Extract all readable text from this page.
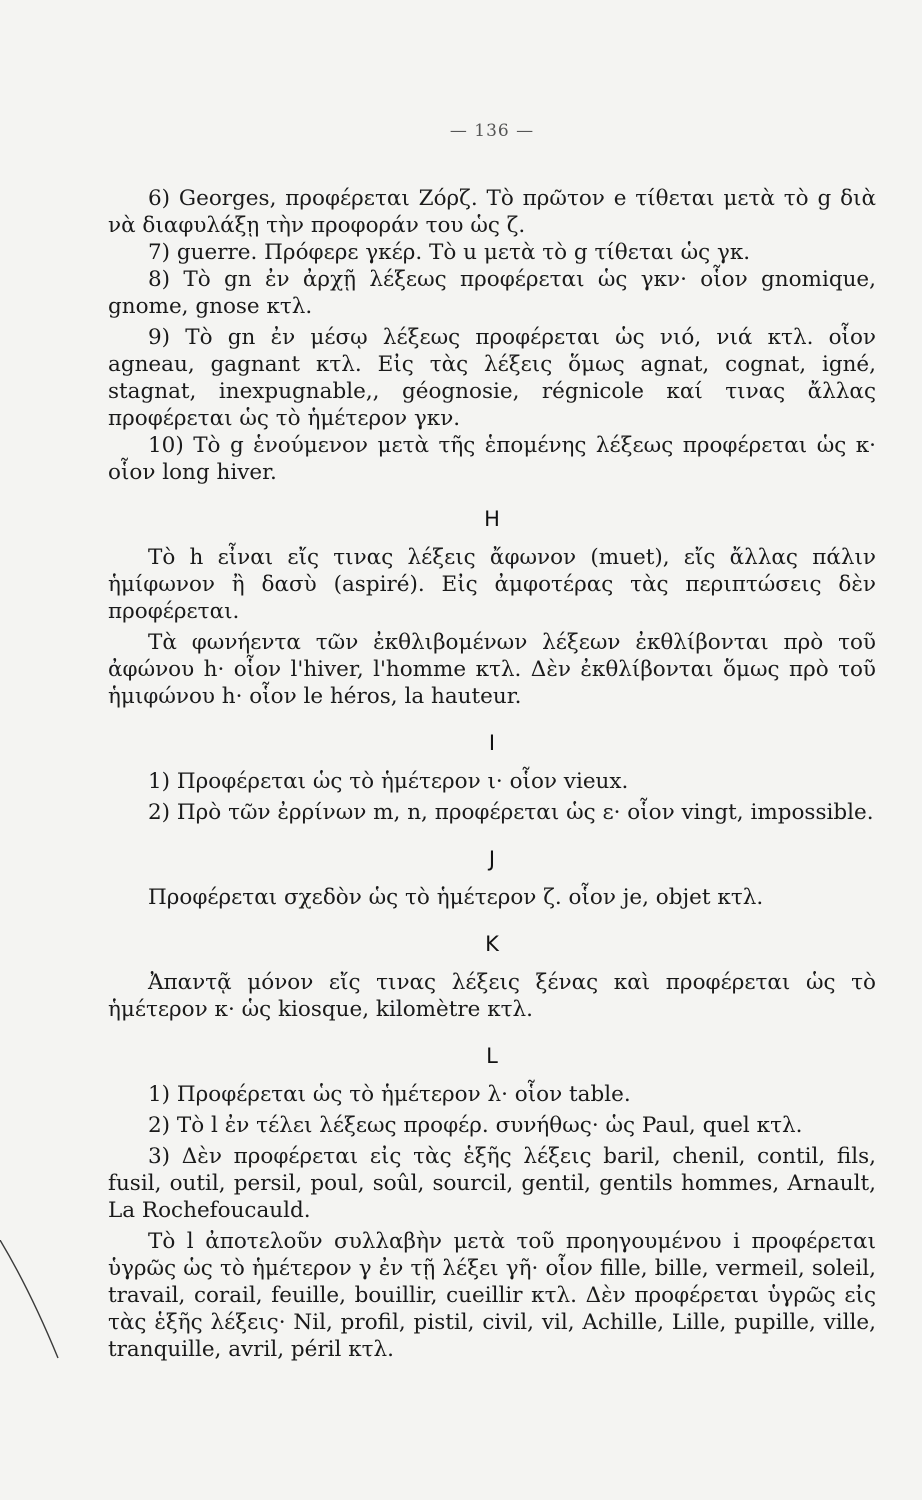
— 136 —

6) Georges, προφέρεται Ζόρζ. Τὸ πρῶτον e τίθεται μετὰ τὸ g διὰ νὰ διαφυλάξῃ τὴν προφοράν του ὡς ζ.

7) guerre. Πρόφερε γκέρ. Τὸ u μετὰ τὸ g τίθεται ὡς γκ.

8) Τὸ gn ἐν ἀρχῇ λέξεως προφέρεται ὡς γκν· οἷον gnomique, gnome, gnose κτλ.

9) Τὸ gn ἐν μέσῳ λέξεως προφέρεται ὡς νιό, νιά κτλ. οἷον agneau, gagnant κτλ. Εἰς τὰς λέξεις ὅμως agnat, cognat, igné, stagnat, inexpugnable,, géognosie, régnicole καί τινας ἄλλας προφέρεται ὡς τὸ ἡμέτερον γκν.

10) Τὸ g ἑνούμενον μετὰ τῆς ἑπομένης λέξεως προφέρεται ὡς κ· οἷον long hiver.

H

Τὸ h εἶναι εἴς τινας λέξεις ἄφωνον (muet), εἴς ἄλλας πάλιν ἡμίφωνον ἢ δασὺ (aspiré). Εἰς ἀμφοτέρας τὰς περιπτώσεις δὲν προφέρεται.

Τὰ φωνήεντα τῶν ἐκθλιβομένων λέξεων ἐκθλίβονται πρὸ τοῦ ἀφώνου h· οἷον l'hiver, l'homme κτλ. Δὲν ἐκθλίβονται ὅμως πρὸ τοῦ ἡμιφώνου h· οἷον le héros, la hauteur.

I

1) Προφέρεται ὡς τὸ ἡμέτερον ι· οἷον vieux.

2) Πρὸ τῶν ἐρρίνων m, n, προφέρεται ὡς ε· οἷον vingt, impossible.

J

Προφέρεται σχεδὸν ὡς τὸ ἡμέτερον ζ. οἷον je, objet κτλ.

K

Ἀπαντᾷ μόνον εἴς τινας λέξεις ξένας καὶ προφέρεται ὡς τὸ ἡμέτερον κ· ὡς kiosque, kilomètre κτλ.

L

1) Προφέρεται ὡς τὸ ἡμέτερον λ· οἷον table.

2) Τὸ l ἐν τέλει λέξεως προφέρ. συνήθως· ὡς Paul, quel κτλ.

3) Δὲν προφέρεται εἰς τὰς ἑξῆς λέξεις baril, chenil, contil, fils, fusil, outil, persil, poul, soûl, sourcil, gentil, gentils hommes, Arnault, La Rochefoucauld.

Τὸ l ἀποτελοῦν συλλαβὴν μετὰ τοῦ προηγουμένου i προφέρεται ὑγρῶς ὡς τὸ ἡμέτερον γ ἐν τῇ λέξει γῆ· οἷον fille, bille, vermeil, soleil, travail, corail, feuille, bouillir, cueillir κτλ. Δὲν προφέρεται ὑγρῶς εἰς τὰς ἑξῆς λέξεις· Nil, profil, pistil, civil, vil, Achille, Lille, pupille, ville, tranquille, avril, péril κτλ.
